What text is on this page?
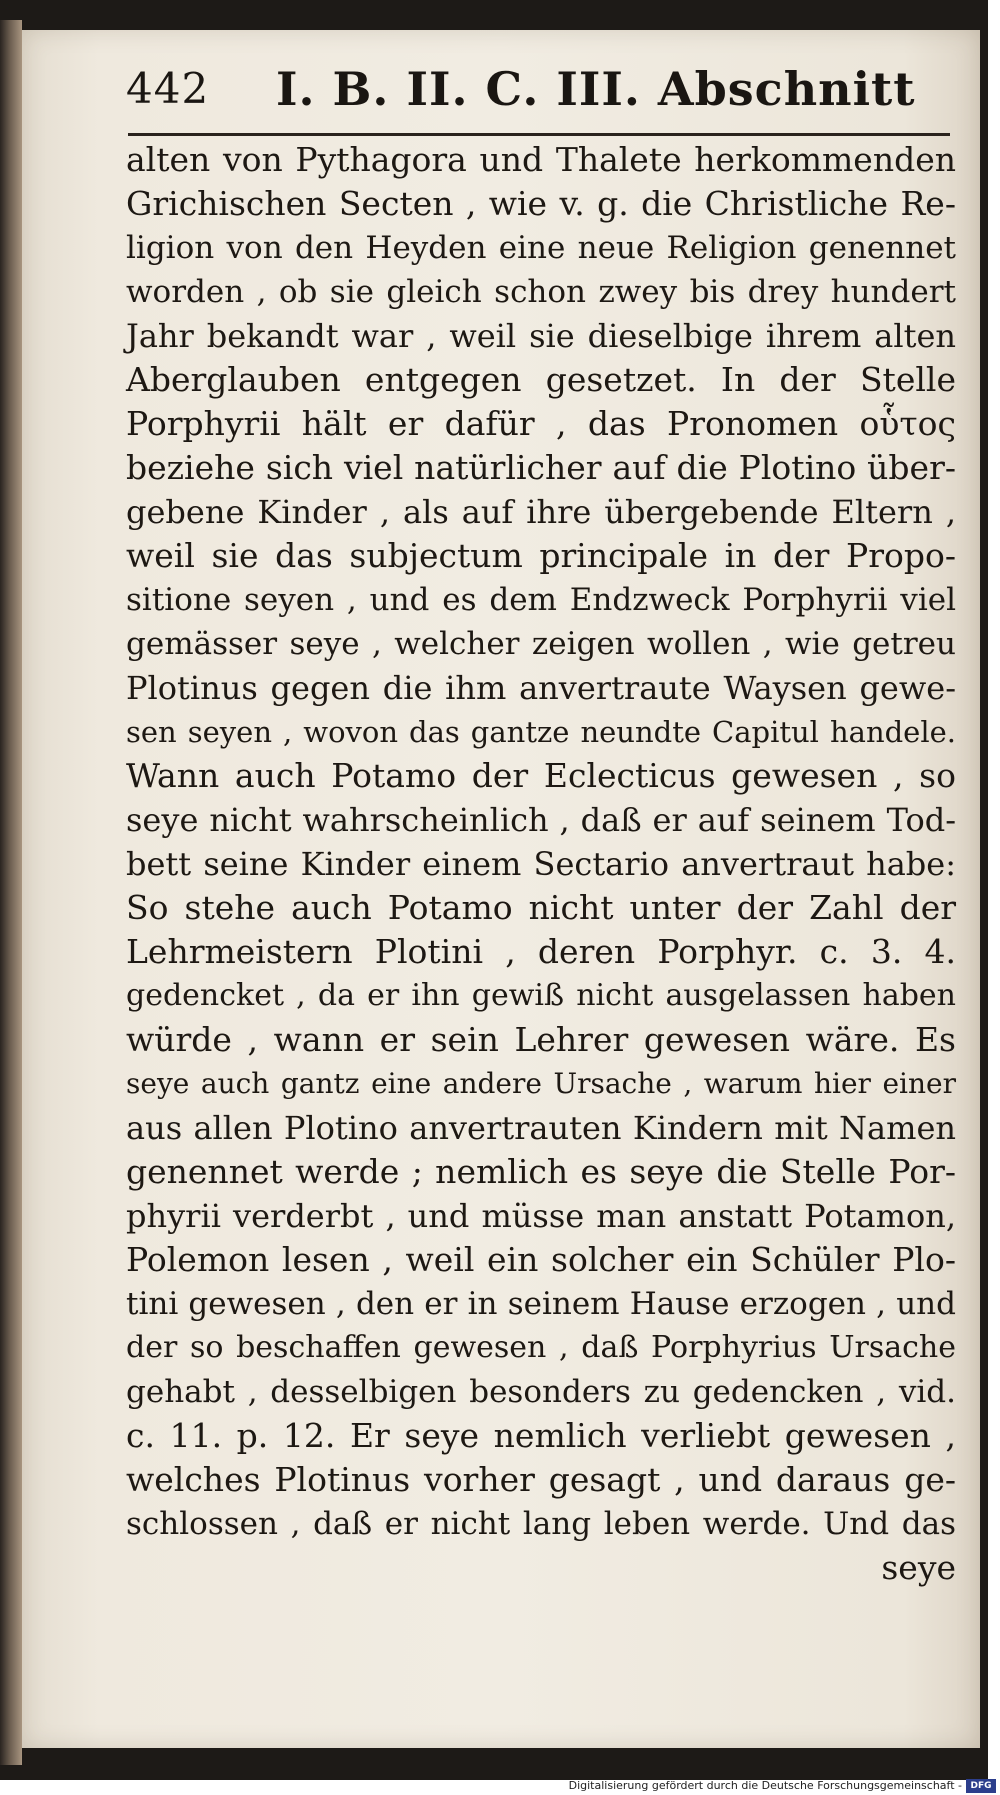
442 I. B. II. C. III. Abschnitt
alten von Pythagora und Thalete herkommenden
Grichischen Secten , wie v. g. die Christliche Re-
ligion von den Heyden eine neue Religion genennet
worden , ob sie gleich schon zwey bis drey hundert
Jahr bekandt war , weil sie dieselbige ihrem alten
Aberglauben entgegen gesetzet. In der Stelle
Porphyrii hält er dafür , das Pronomen οὗτος
beziehe sich viel natürlicher auf die Plotino über-
gebene Kinder , als auf ihre übergebende Eltern ,
weil sie das subjectum principale in der Propo-
sitione seyen , und es dem Endzweck Porphyrii viel
gemässer seye , welcher zeigen wollen , wie getreu
Plotinus gegen die ihm anvertraute Waysen gewe-
sen seyen , wovon das gantze neundte Capitul handele.
Wann auch Potamo der Eclecticus gewesen , so
seye nicht wahrscheinlich , daß er auf seinem Tod-
bett seine Kinder einem Sectario anvertraut habe:
So stehe auch Potamo nicht unter der Zahl der
Lehrmeistern Plotini , deren Porphyr. c. 3. 4.
gedencket , da er ihn gewiß nicht ausgelassen haben
würde , wann er sein Lehrer gewesen wäre. Es
seye auch gantz eine andere Ursache , warum hier einer
aus allen Plotino anvertrauten Kindern mit Namen
genennet werde ; nemlich es seye die Stelle Por-
phyrii verderbt , und müsse man anstatt Potamon,
Polemon lesen , weil ein solcher ein Schüler Plo-
tini gewesen , den er in seinem Hause erzogen , und
der so beschaffen gewesen , daß Porphyrius Ursache
gehabt , desselbigen besonders zu gedencken , vid.
c. 11. p. 12. Er seye nemlich verliebt gewesen ,
welches Plotinus vorher gesagt , und daraus ge-
schlossen , daß er nicht lang leben werde. Und das
seye
Digitalisierung gefördert durch die Deutsche Forschungsgemeinschaft - DFG
